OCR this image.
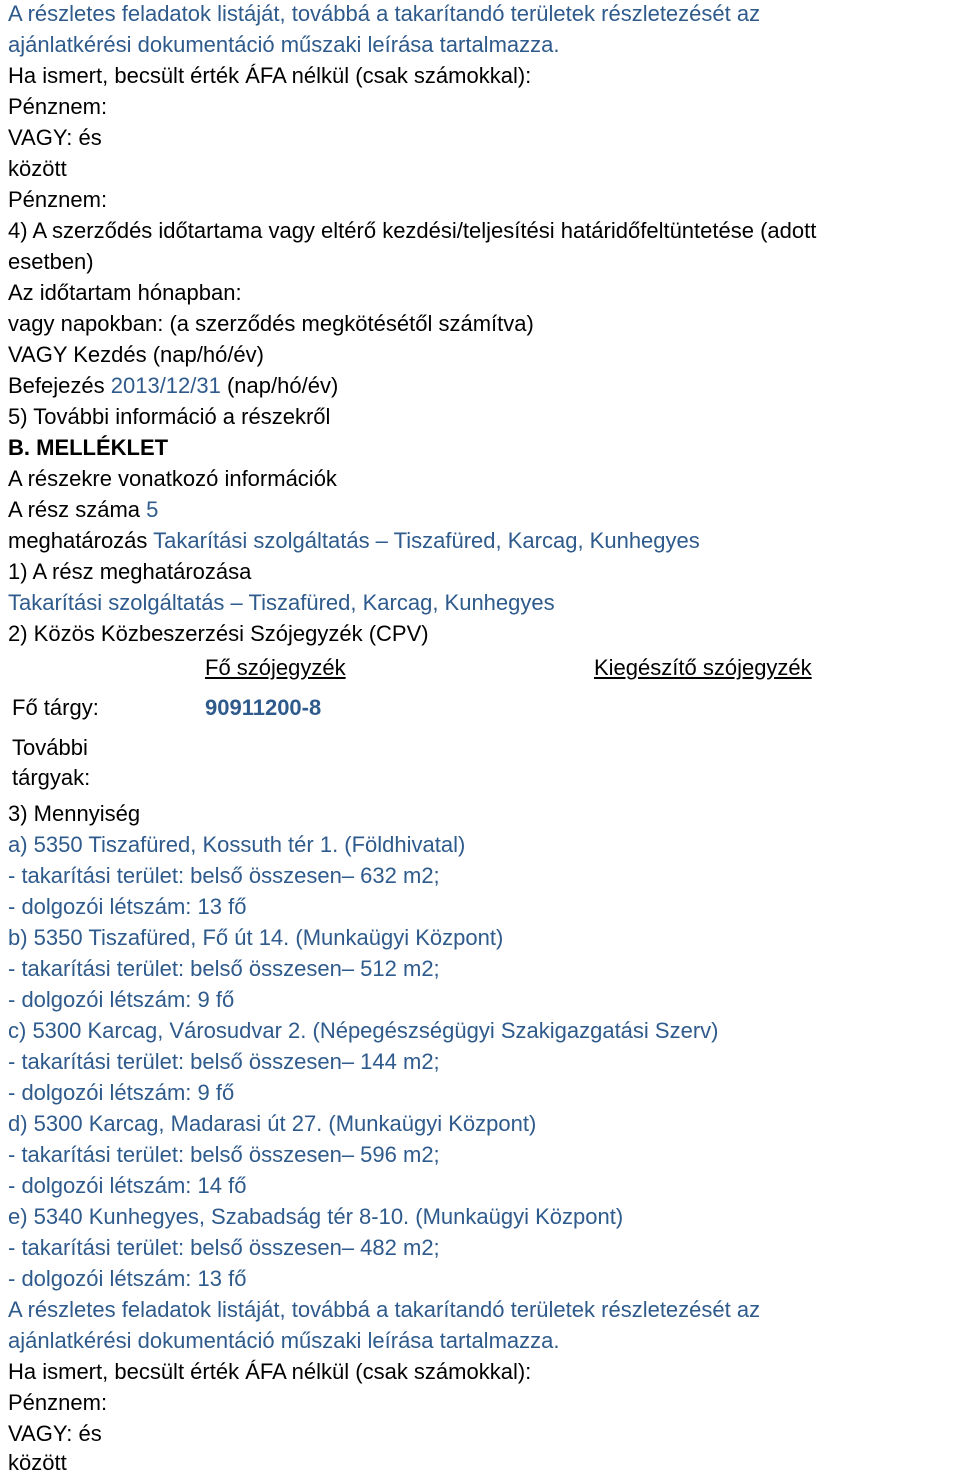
A részletes feladatok listáját, továbbá a takarítandó területek részletezését az
ajánlatkérési dokumentáció műszaki leírása tartalmazza.
Ha ismert, becsült érték ÁFA nélkül (csak számokkal):
Pénznem:
VAGY: és
között
Pénznem:
4) A szerződés időtartama vagy eltérő kezdési/teljesítési határidőfeltüntetése (adott
esetben)
Az időtartam hónapban:
vagy napokban: (a szerződés megkötésétől számítva)
VAGY Kezdés (nap/hó/év)
Befejezés 2013/12/31 (nap/hó/év)
5) További információ a részekről
B. MELLÉKLET
A részekre vonatkozó információk
A rész száma 5
meghatározás Takarítási szolgáltatás – Tiszafüred, Karcag, Kunhegyes
1) A rész meghatározása
Takarítási szolgáltatás – Tiszafüred, Karcag, Kunhegyes
2) Közös Közbeszerzési Szójegyzék (CPV)
Fő szójegyzék	Kiegészítő szójegyzék
Fő tárgy:	90911200-8
További
tárgyak:
3) Mennyiség
a) 5350 Tiszafüred, Kossuth tér 1. (Földhivatal)
- takarítási terület: belső összesen– 632 m2;
- dolgozói létszám: 13 fő
b) 5350 Tiszafüred, Fő út 14. (Munkaügyi Központ)
- takarítási terület: belső összesen– 512 m2;
- dolgozói létszám: 9 fő
c) 5300 Karcag, Városudvar 2. (Népegészségügyi Szakigazgatási Szerv)
- takarítási terület: belső összesen– 144 m2;
- dolgozói létszám: 9 fő
d) 5300 Karcag, Madarasi út 27. (Munkaügyi Központ)
- takarítási terület: belső összesen– 596 m2;
- dolgozói létszám: 14 fő
e) 5340 Kunhegyes, Szabadság tér 8-10. (Munkaügyi Központ)
- takarítási terület: belső összesen– 482 m2;
- dolgozói létszám: 13 fő
A részletes feladatok listáját, továbbá a takarítandó területek részletezését az
ajánlatkérési dokumentáció műszaki leírása tartalmazza.
Ha ismert, becsült érték ÁFA nélkül (csak számokkal):
Pénznem:
VAGY: és
között
